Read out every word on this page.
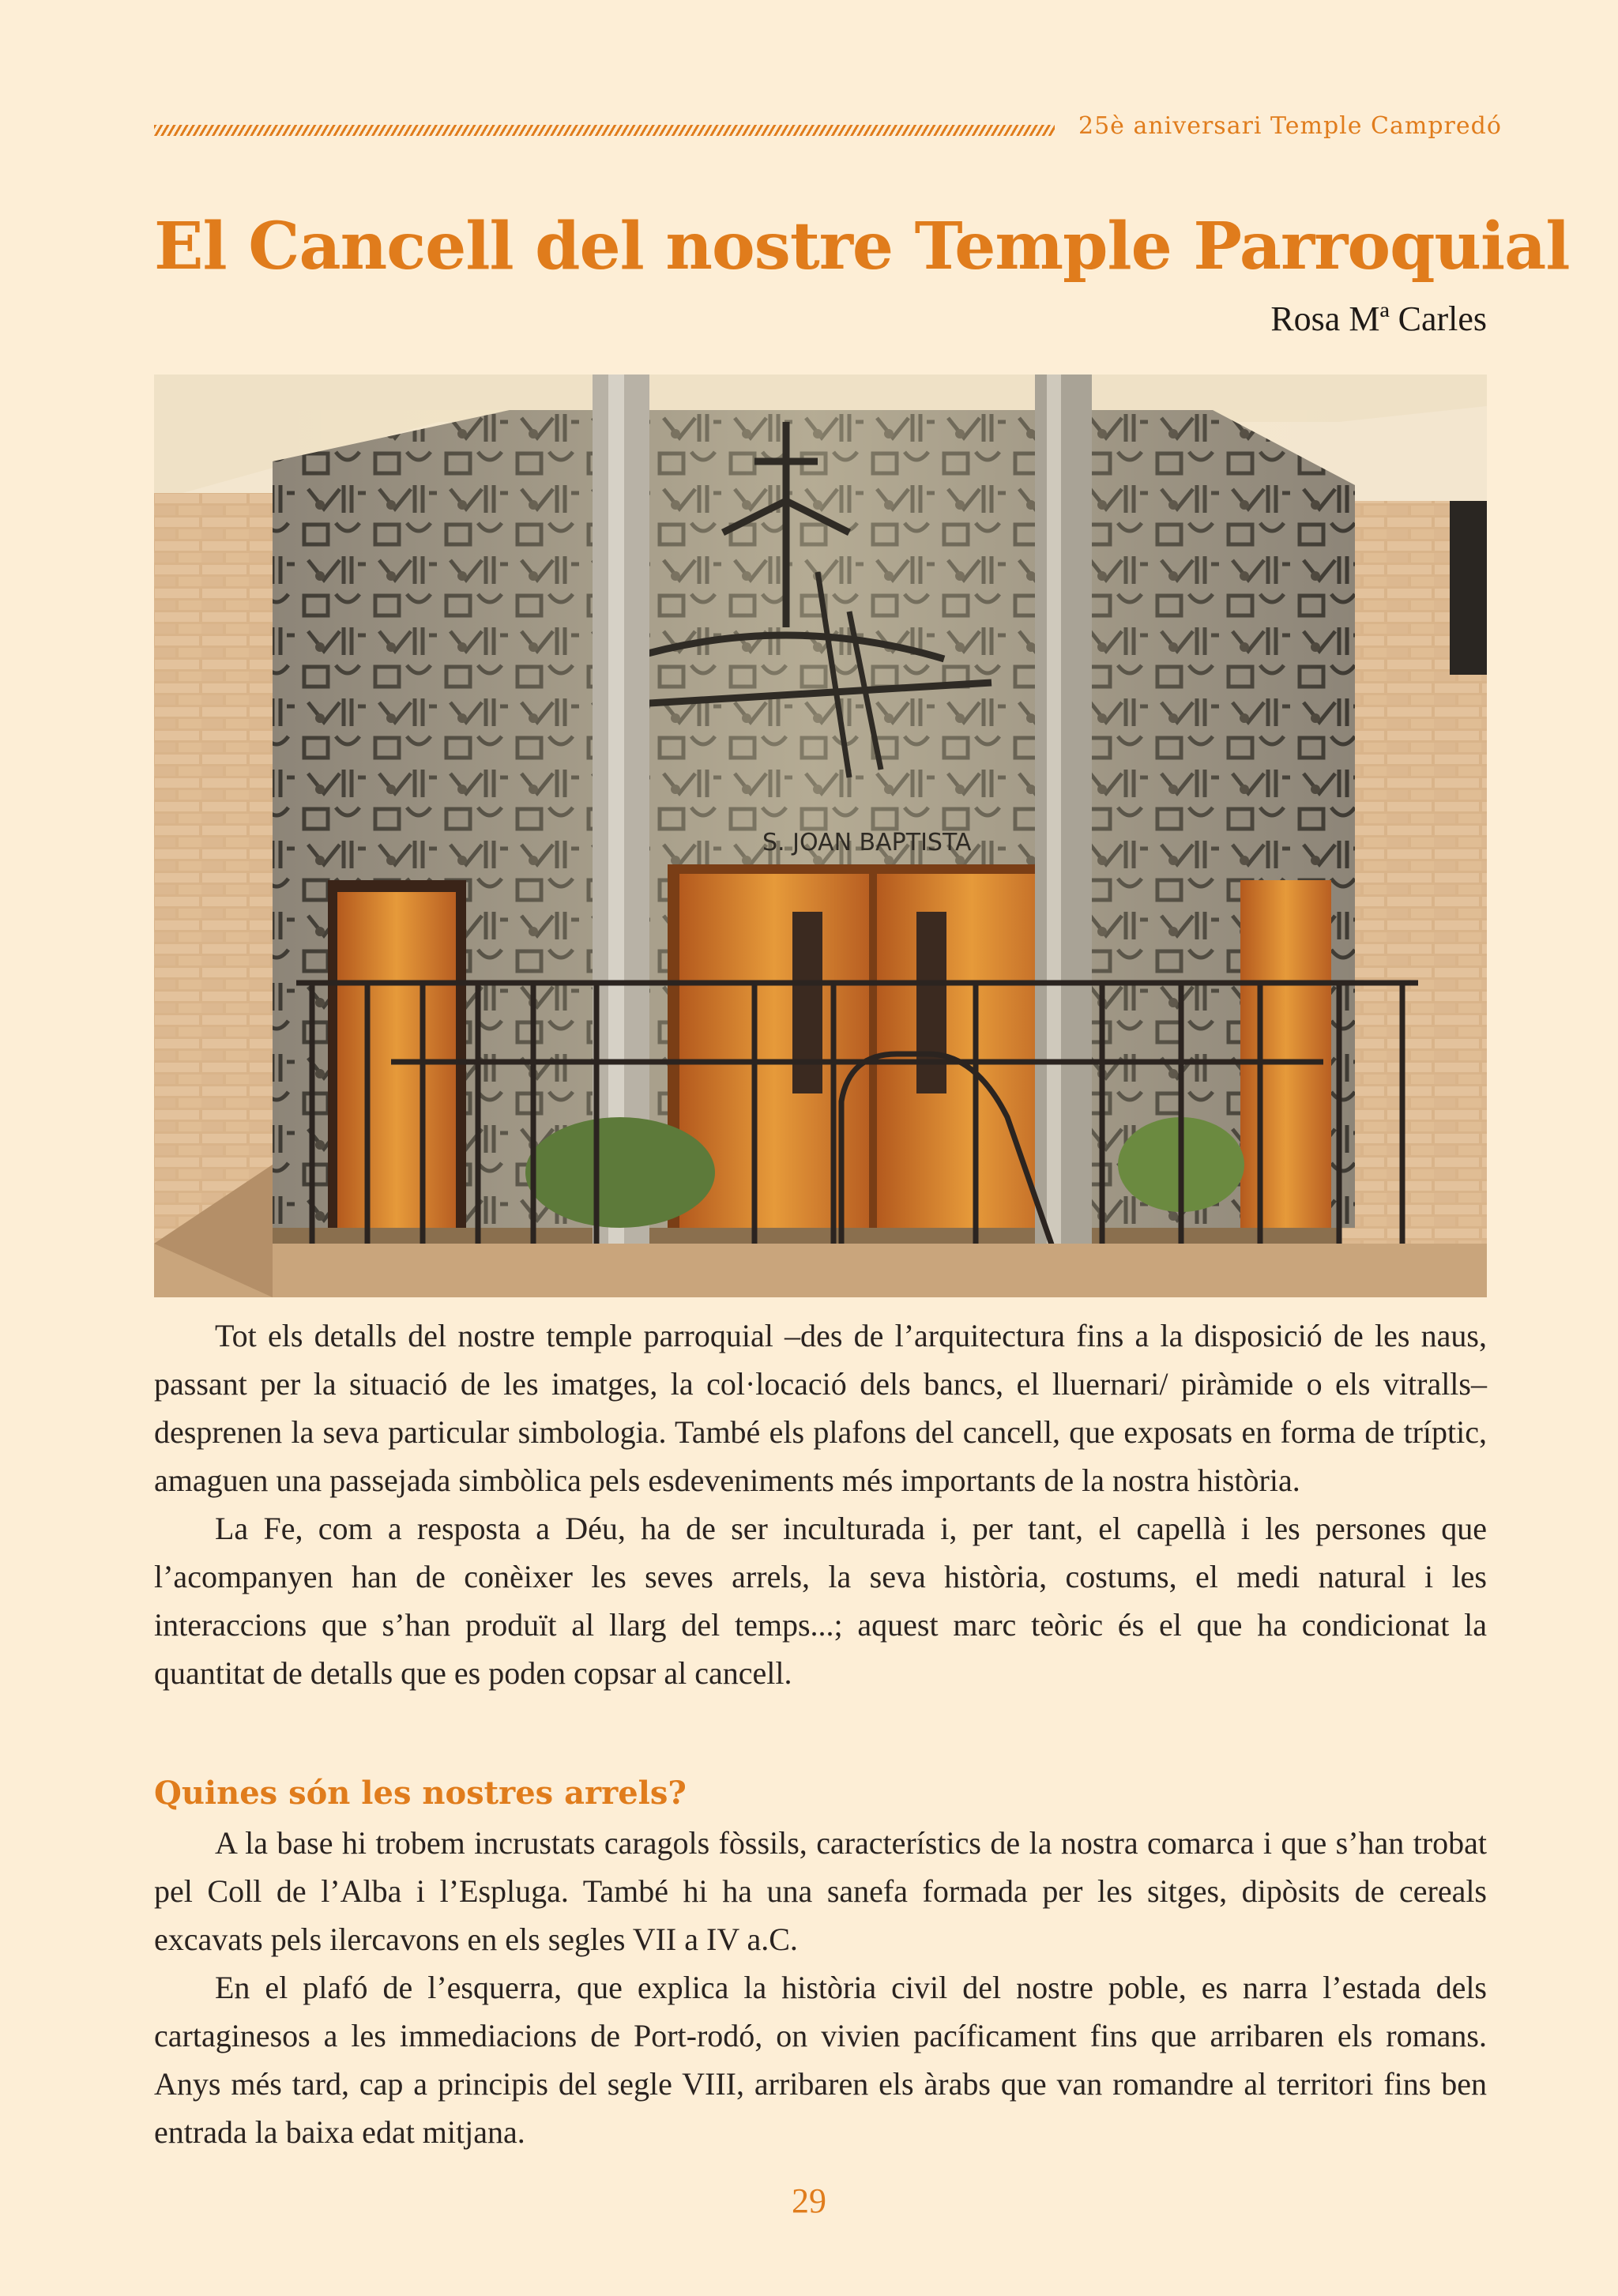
25è aniversari Temple Campredó
El Cancell del nostre Temple Parroquial
Rosa Mª Carles
S. JOAN BAPTISTA

Tot els detalls del nostre temple parroquial –des de l’arquitectura fins a la disposició de les naus, passant per la situació de les imatges, la col·locació dels bancs, el lluernari/ piràmide o els vitralls– desprenen la seva particular simbologia. També els plafons del cancell, que exposats en forma de tríptic, amaguen una passejada simbòlica pels esdeveniments més importants de la nostra història.

La Fe, com a resposta a Déu, ha de ser inculturada i, per tant, el capellà i les persones que l’acompanyen han de conèixer les seves arrels, la seva història, costums, el medi natural i les interaccions que s’han produït al llarg del temps...; aquest marc teòric és el que ha condicionat la quantitat de detalls que es poden copsar al cancell.

Quines són les nostres arrels?

A la base hi trobem incrustats caragols fòssils, característics de la nostra comarca i que s’han trobat pel Coll de l’Alba i l’Espluga. També hi ha una sanefa formada per les sitges, dipòsits de cereals excavats pels ilercavons en els segles VII a IV a.C.

En el plafó de l’esquerra, que explica la història civil del nostre poble, es narra l’estada dels cartaginesos a les immediacions de Port-rodó, on vivien pacíficament fins que arribaren els romans. Anys més tard, cap a principis del segle VIII, arribaren els àrabs que van romandre al territori fins ben entrada la baixa edat mitjana.

29
